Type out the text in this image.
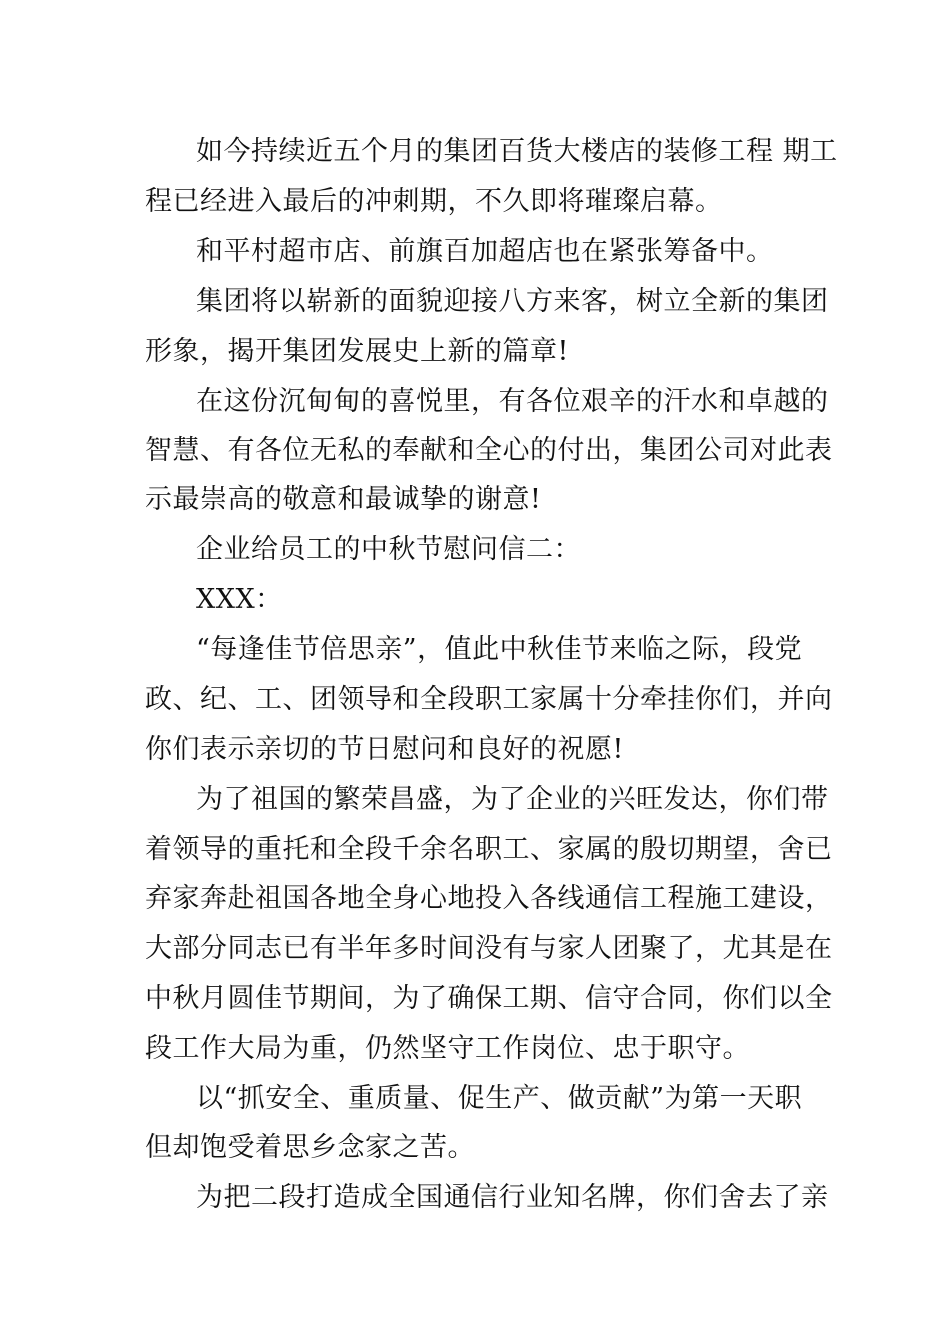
如今持续近五个月的集团百货大楼店的装修工程 期工
程已经进入最后的冲刺期，不久即将璀璨启幕。
和平村超市店、前旗百加超店也在紧张筹备中。
集团将以崭新的面貌迎接八方来客，树立全新的集团
形象，揭开集团发展史上新的篇章!
在这份沉甸甸的喜悦里，有各位艰辛的汗水和卓越的
智慧、有各位无私的奉献和全心的付出，集团公司对此表
示最崇高的敬意和最诚挚的谢意!
企业给员工的中秋节慰问信二：
XXX：
“每逢佳节倍思亲”，值此中秋佳节来临之际，段党
政、纪、工、团领导和全段职工家属十分牵挂你们，并向
你们表示亲切的节日慰问和良好的祝愿!
为了祖国的繁荣昌盛，为了企业的兴旺发达，你们带
着领导的重托和全段千余名职工、家属的殷切期望，舍已
弃家奔赴祖国各地全身心地投入各线通信工程施工建设，
大部分同志已有半年多时间没有与家人团聚了，尤其是在
中秋月圆佳节期间，为了确保工期、信守合同，你们以全
段工作大局为重，仍然坚守工作岗位、忠于职守。
以“抓安全、重质量、促生产、做贡献”为第一天职
但却饱受着思乡念家之苦。
为把二段打造成全国通信行业知名牌，你们舍去了亲
